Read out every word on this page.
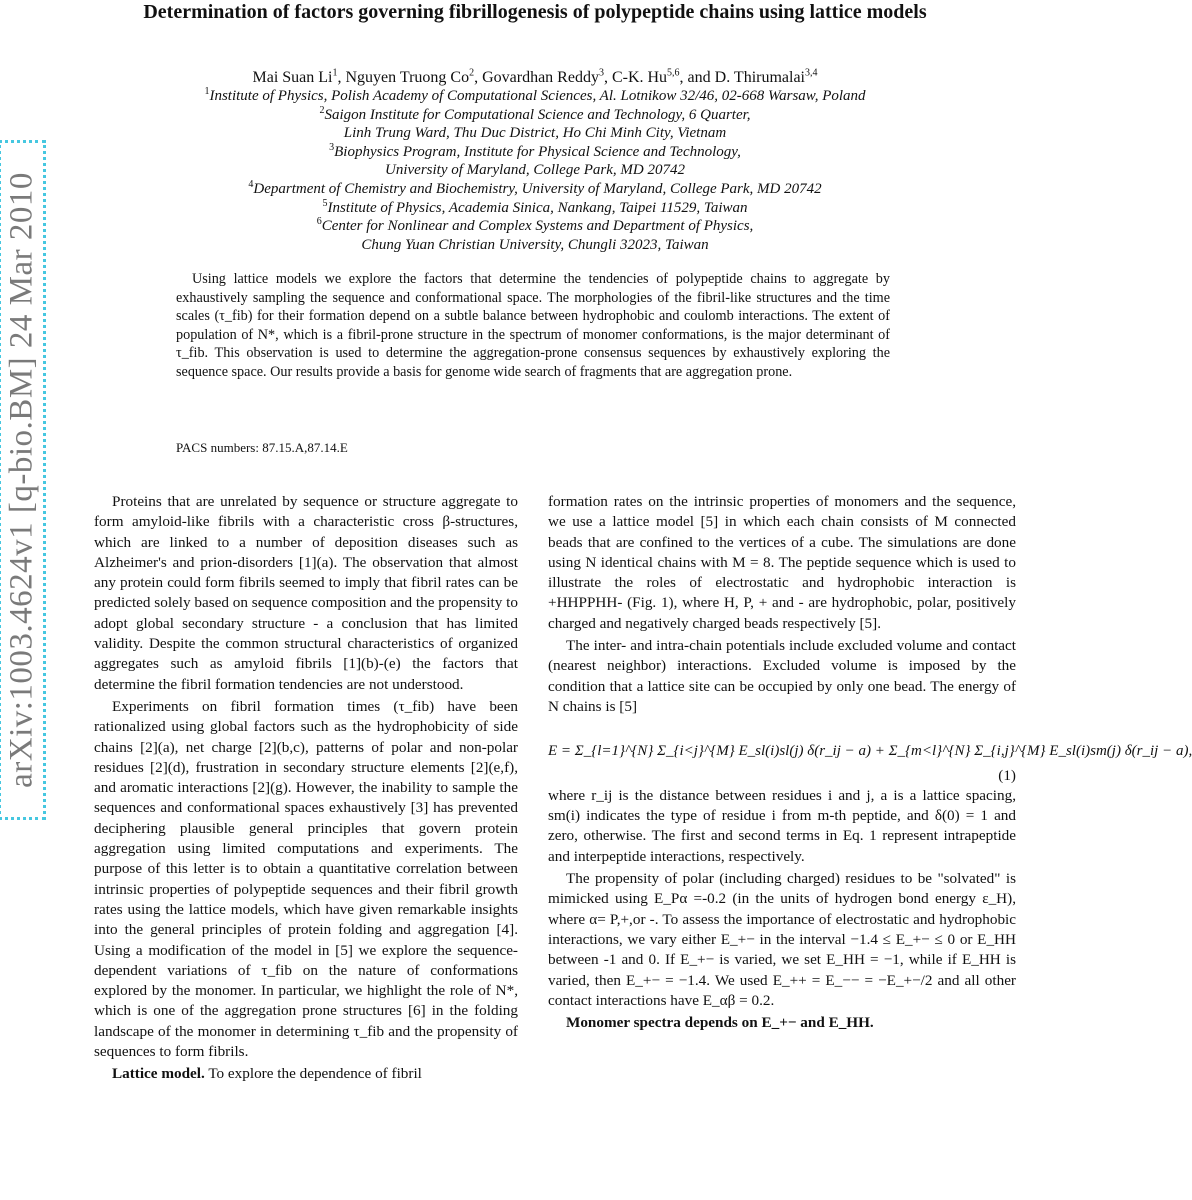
arXiv:1003.4624v1 [q-bio.BM] 24 Mar 2010
Determination of factors governing fibrillogenesis of polypeptide chains using lattice models
Mai Suan Li$^1$, Nguyen Truong Co$^2$, Govardhan Reddy$^3$, C-K. Hu$^{5,6}$, and D. Thirumalai$^{3,4}$
$^1$Institute of Physics, Polish Academy of Computational Sciences, Al. Lotnikow 32/46, 02-668 Warsaw, Poland
$^2$Saigon Institute for Computational Science and Technology, 6 Quarter,
Linh Trung Ward, Thu Duc District, Ho Chi Minh City, Vietnam
$^3$Biophysics Program, Institute for Physical Science and Technology,
University of Maryland, College Park, MD 20742
$^4$Department of Chemistry and Biochemistry, University of Maryland, College Park, MD 20742
$^5$Institute of Physics, Academia Sinica, Nankang, Taipei 11529, Taiwan
$^6$Center for Nonlinear and Complex Systems and Department of Physics,
Chung Yuan Christian University, Chungli 32023, Taiwan

Using lattice models we explore the factors that determine the tendencies of polypeptide chains to aggregate by exhaustively sampling the sequence and conformational space. The morphologies of the fibril-like structures and the time scales (τ_fib) for their formation depend on a subtle balance between hydrophobic and coulomb interactions. The extent of population of N*, which is a fibril-prone structure in the spectrum of monomer conformations, is the major determinant of τ_fib. This observation is used to determine the aggregation-prone consensus sequences by exhaustively exploring the sequence space. Our results provide a basis for genome wide search of fragments that are aggregation prone.

PACS numbers: 87.15.A,87.14.E

Proteins that are unrelated by sequence or structure aggregate to form amyloid-like fibrils with a characteristic cross β-structures, which are linked to a number of deposition diseases such as Alzheimer's and prion-disorders [1](a). The observation that almost any protein could form fibrils seemed to imply that fibril rates can be predicted solely based on sequence composition and the propensity to adopt global secondary structure - a conclusion that has limited validity. Despite the common structural characteristics of organized aggregates such as amyloid fibrils [1](b)-(e) the factors that determine the fibril formation tendencies are not understood.

Experiments on fibril formation times (τ_fib) have been rationalized using global factors such as the hydrophobicity of side chains [2](a), net charge [2](b,c), patterns of polar and non-polar residues [2](d), frustration in secondary structure elements [2](e,f), and aromatic interactions [2](g). However, the inability to sample the sequences and conformational spaces exhaustively [3] has prevented deciphering plausible general principles that govern protein aggregation using limited computations and experiments. The purpose of this letter is to obtain a quantitative correlation between intrinsic properties of polypeptide sequences and their fibril growth rates using the lattice models, which have given remarkable insights into the general principles of protein folding and aggregation [4]. Using a modification of the model in [5] we explore the sequence-dependent variations of τ_fib on the nature of conformations explored by the monomer. In particular, we highlight the role of N*, which is one of the aggregation prone structures [6] in the folding landscape of the monomer in determining τ_fib and the propensity of sequences to form fibrils.

Lattice model. To explore the dependence of fibril

formation rates on the intrinsic properties of monomers and the sequence, we use a lattice model [5] in which each chain consists of M connected beads that are confined to the vertices of a cube. The simulations are done using N identical chains with M = 8. The peptide sequence which is used to illustrate the roles of electrostatic and hydrophobic interaction is +HHPPHH- (Fig. 1), where H, P, + and - are hydrophobic, polar, positively charged and negatively charged beads respectively [5].

The inter- and intra-chain potentials include excluded volume and contact (nearest neighbor) interactions. Excluded volume is imposed by the condition that a lattice site can be occupied by only one bead. The energy of N chains is [5]

E = Σ_{l=1}^{N} Σ_{i<j}^{M} E_sl(i)sl(j) δ(r_ij − a) + Σ_{m<l}^{N} Σ_{i,j}^{M} E_sl(i)sm(j) δ(r_ij − a),
(1)

where r_ij is the distance between residues i and j, a is a lattice spacing, sm(i) indicates the type of residue i from m-th peptide, and δ(0) = 1 and zero, otherwise. The first and second terms in Eq. 1 represent intrapeptide and interpeptide interactions, respectively.

The propensity of polar (including charged) residues to be "solvated" is mimicked using E_Pα =-0.2 (in the units of hydrogen bond energy ε_H), where α= P,+,or -. To assess the importance of electrostatic and hydrophobic interactions, we vary either E_+− in the interval −1.4 ≤ E_+− ≤ 0 or E_HH between -1 and 0. If E_+− is varied, we set E_HH = −1, while if E_HH is varied, then E_+− = −1.4. We used E_++ = E_−− = −E_+−/2 and all other contact interactions have E_αβ = 0.2.

Monomer spectra depends on E_+− and E_HH.
